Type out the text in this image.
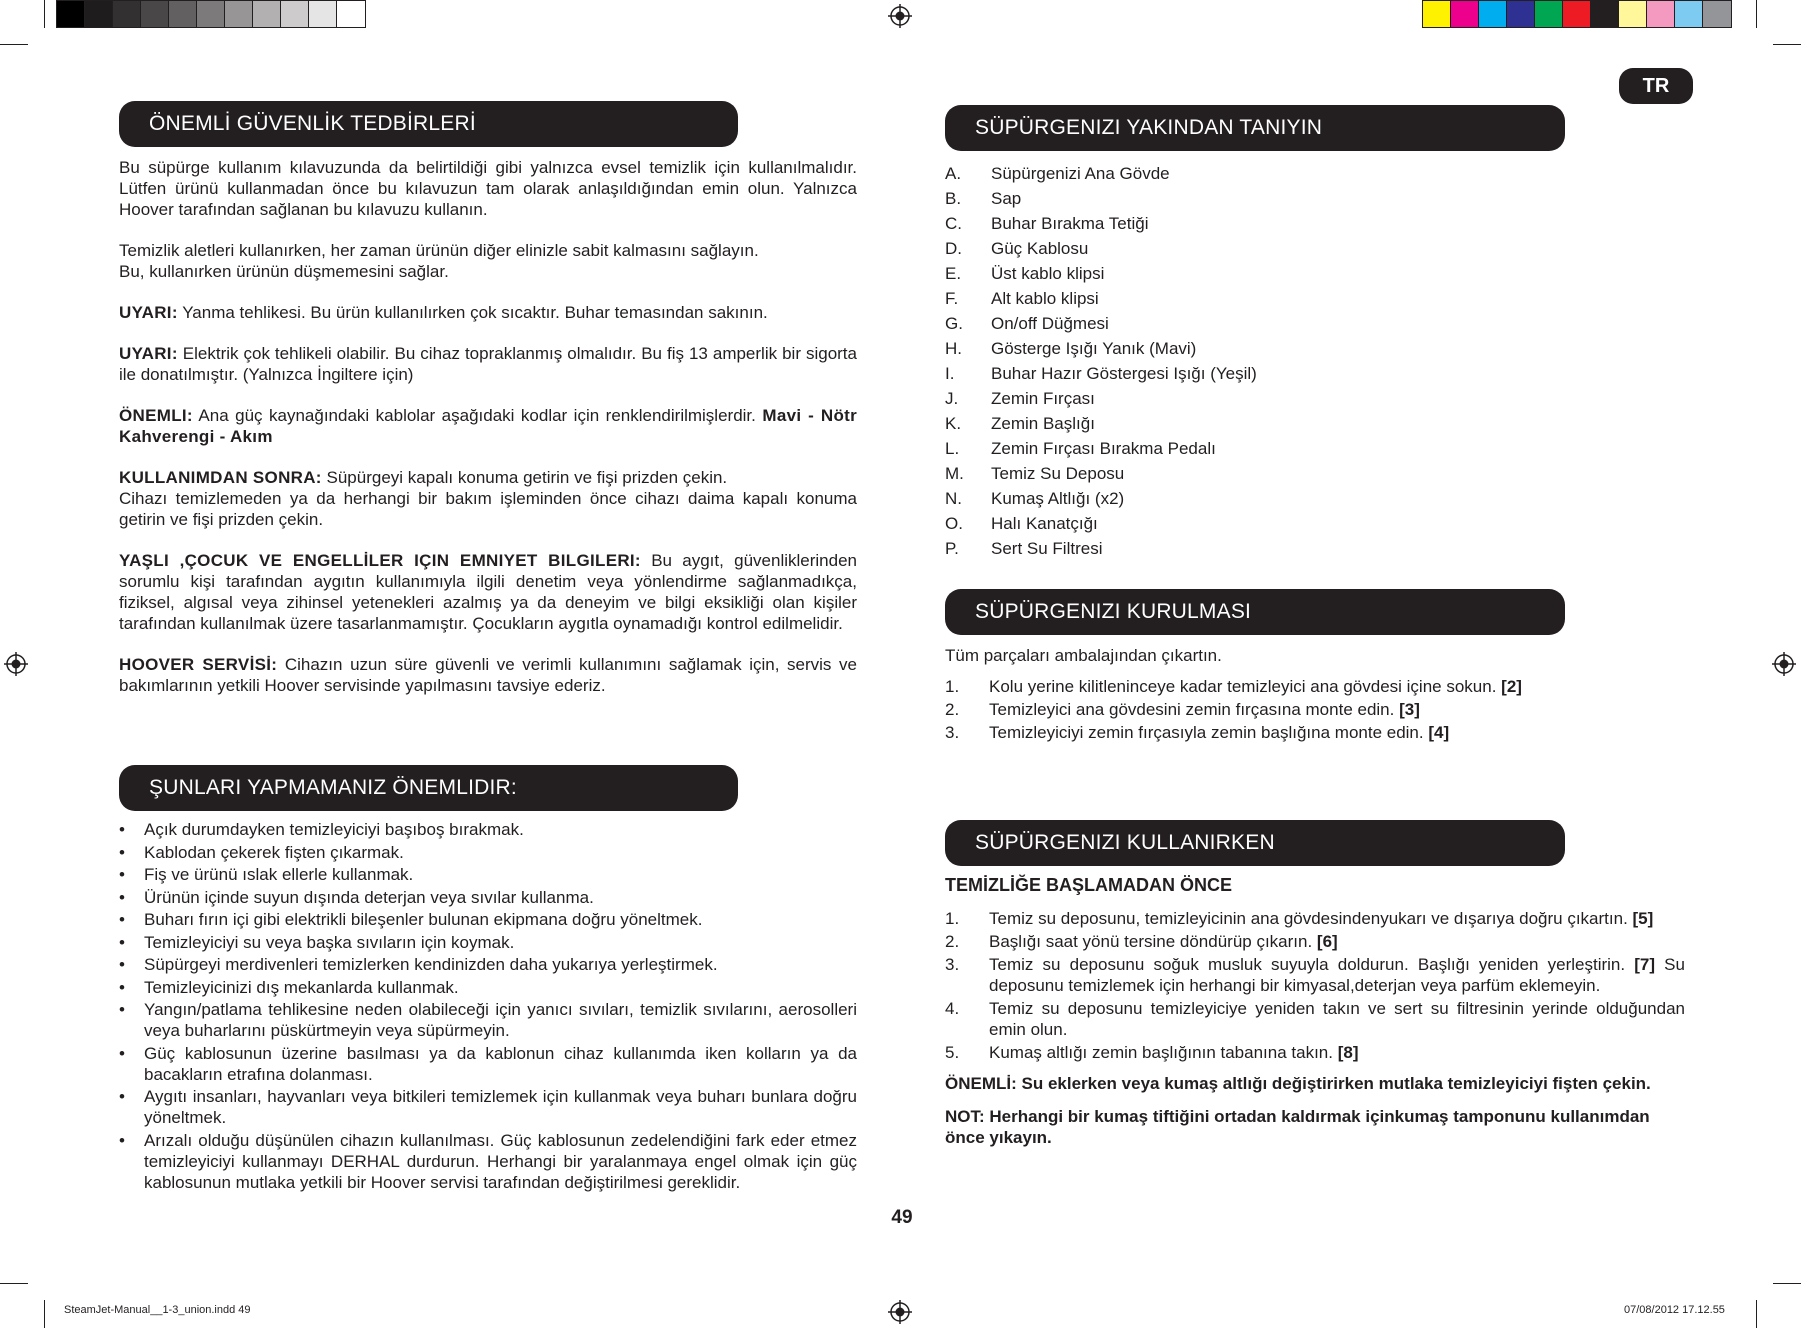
TR
ÖNEMLİ GÜVENLİK TEDBİRLERİ

Bu süpürge kullanım kılavuzunda da belirtildiği gibi yalnızca evsel temizlik için kullanılmalıdır. Lütfen ürünü kullanmadan önce bu kılavuzun tam olarak anlaşıldığından emin olun. Yalnızca Hoover tarafından sağlanan bu kılavuzu kullanın.

Temizlik aletleri kullanırken, her zaman ürünün diğer elinizle sabit kalmasını sağlayın.
Bu, kullanırken ürünün düşmemesini sağlar.

UYARI: Yanma tehlikesi. Bu ürün kullanılırken çok sıcaktır. Buhar temasından sakının.

UYARI: Elektrik çok tehlikeli olabilir. Bu cihaz topraklanmış olmalıdır. Bu fiş 13 amperlik bir sigorta ile donatılmıştır. (Yalnızca İngiltere için)

ÖNEMLI: Ana güç kaynağındaki kablolar aşağıdaki kodlar için renklendirilmişlerdir. Mavi - Nötr Kahverengi - Akım

KULLANIMDAN SONRA: Süpürgeyi kapalı konuma getirin ve fişi prizden çekin.
Cihazı temizlemeden ya da herhangi bir bakım işleminden önce cihazı daima kapalı konuma getirin ve fişi prizden çekin.

YAŞLI ,ÇOCUK VE ENGELLİLER IÇIN EMNIYET BILGILERI: Bu aygıt, güvenliklerinden sorumlu kişi tarafından aygıtın kullanımıyla ilgili denetim veya yönlendirme sağlanmadıkça, fiziksel, algısal veya zihinsel yetenekleri azalmış ya da deneyim ve bilgi eksikliği olan kişiler tarafından kullanılmak üzere tasarlanmamıştır. Çocukların aygıtla oynamadığı kontrol edilmelidir.

HOOVER SERVİSİ: Cihazın uzun süre güvenli ve verimli kullanımını sağlamak için, servis ve bakımlarının yetkili Hoover servisinde yapılmasını tavsiye ederiz.

ŞUNLARI YAPMAMANIZ ÖNEMLIDIR:
• Açık durumdayken temizleyiciyi başıboş bırakmak.
• Kablodan çekerek fişten çıkarmak.
• Fiş ve ürünü ıslak ellerle kullanmak.
• Ürünün içinde suyun dışında deterjan veya sıvılar kullanma.
• Buharı fırın içi gibi elektrikli bileşenler bulunan ekipmana doğru yöneltmek.
• Temizleyiciyi su veya başka sıvıların için koymak.
• Süpürgeyi merdivenleri temizlerken kendinizden daha yukarıya yerleştirmek.
• Temizleyicinizi dış mekanlarda kullanmak.
• Yangın/patlama tehlikesine neden olabileceği için yanıcı sıvıları, temizlik sıvılarını, aerosolleri veya buharlarını püskürtmeyin veya süpürmeyin.
• Güç kablosunun üzerine basılması ya da kablonun cihaz kullanımda iken kolların ya da bacakların etrafına dolanması.
• Aygıtı insanları, hayvanları veya bitkileri temizlemek için kullanmak veya buharı bunlara doğru yöneltmek.
• Arızalı olduğu düşünülen cihazın kullanılması. Güç kablosunun zedelendiğini fark eder etmez temizleyiciyi kullanmayı DERHAL durdurun. Herhangi bir yaralanmaya engel olmak için güç kablosunun mutlaka yetkili bir Hoover servisi tarafından değiştirilmesi gereklidir.
SÜPÜRGENIZI YAKINDAN TANIYIN
A. Süpürgenizi Ana Gövde
B. Sap
C. Buhar Bırakma Tetiği
D. Güç Kablosu
E. Üst kablo klipsi
F. Alt kablo klipsi
G. On/off Düğmesi
H. Gösterge Işığı Yanık (Mavi)
I. Buhar Hazır Göstergesi Işığı (Yeşil)
J. Zemin Fırçası
K. Zemin Başlığı
L. Zemin Fırçası Bırakma Pedalı
M. Temiz Su Deposu
N. Kumaş Altlığı (x2)
O. Halı Kanatçığı
P. Sert Su Filtresi
SÜPÜRGENIZI KURULMASI

Tüm parçaları ambalajından çıkartın.

1. Kolu yerine kilitleninceye kadar temizleyici ana gövdesi içine sokun. [2]
2. Temizleyici ana gövdesini zemin fırçasına monte edin. [3]
3. Temizleyiciyi zemin fırçasıyla zemin başlığına monte edin. [4]
SÜPÜRGENIZI KULLANIRKEN

TEMİZLİĞE BAŞLAMADAN ÖNCE

1. Temiz su deposunu, temizleyicinin ana gövdesindenyukarı ve dışarıya doğru çıkartın. [5]
2. Başlığı saat yönü tersine döndürüp çıkarın. [6]
3. Temiz su deposunu soğuk musluk suyuyla doldurun. Başlığı yeniden yerleştirin. [7] Su deposunu temizlemek için herhangi bir kimyasal,deterjan veya parfüm eklemeyin.
4. Temiz su deposunu temizleyiciye yeniden takın ve sert su filtresinin yerinde olduğundan emin olun.
5. Kumaş altlığı zemin başlığının tabanına takın. [8]

ÖNEMLİ: Su eklerken veya kumaş altlığı değiştirirken mutlaka temizleyiciyi fişten çekin.

NOT: Herhangi bir kumaş tiftiğini ortadan kaldırmak içinkumaş tamponunu kullanımdan önce yıkayın.

49
SteamJet-Manual__1-3_union.indd 49	07/08/2012 17.12.55
